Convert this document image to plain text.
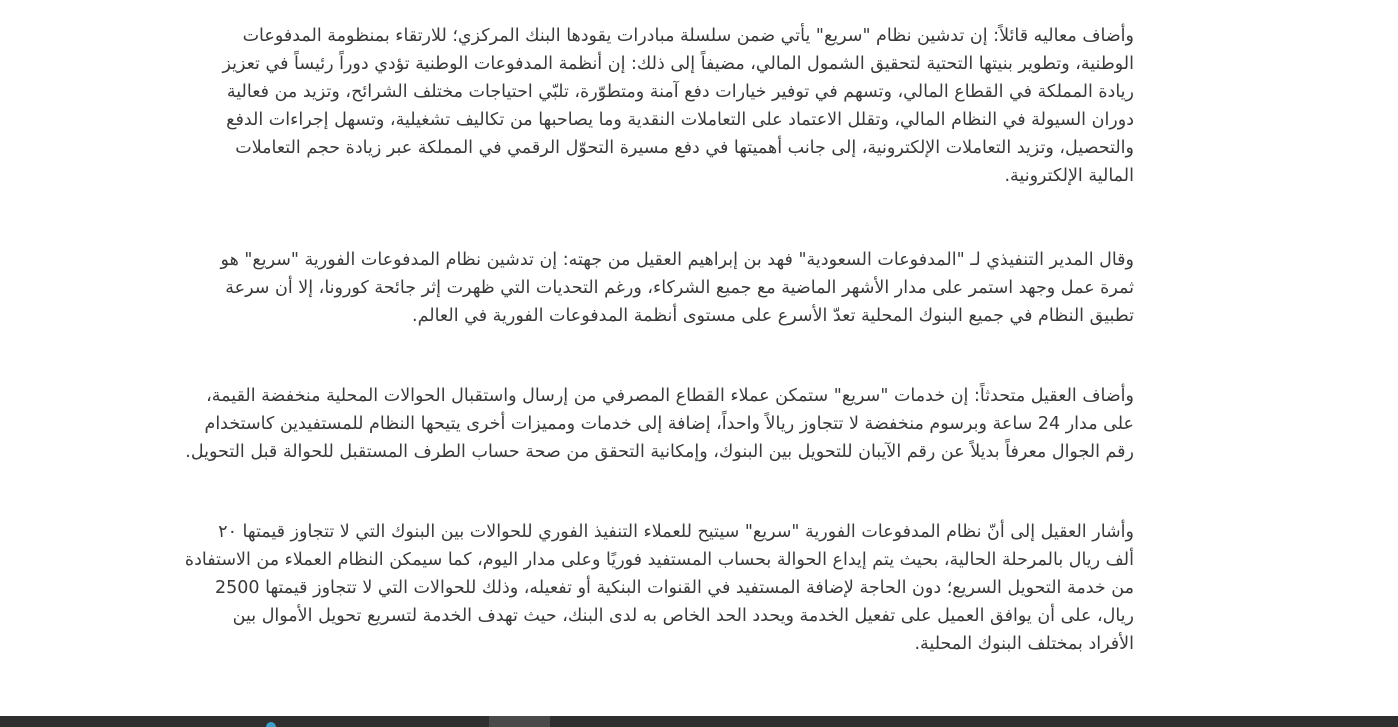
وأضاف معاليه قائلاً: إن تدشين نظام "سريع" يأتي ضمن سلسلة مبادرات يقودها البنك المركزي؛ للارتقاء بمنظومة المدفوعات
الوطنية، وتطوير بنيتها التحتية لتحقيق الشمول المالي، مضيفاً إلى ذلك: إن أنظمة المدفوعات الوطنية تؤدي دوراً رئيساً في تعزيز
ريادة المملكة في القطاع المالي، وتسهم في توفير خيارات دفع آمنة ومتطوّرة، تلبّي احتياجات مختلف الشرائح، وتزيد من فعالية
دوران السيولة في النظام المالي، وتقلل الاعتماد على التعاملات النقدية وما يصاحبها من تكاليف تشغيلية، وتسهل إجراءات الدفع
والتحصيل، وتزيد التعاملات الإلكترونية، إلى جانب أهميتها في دفع مسيرة التحوّل الرقمي في المملكة عبر زيادة حجم التعاملات
المالية الإلكترونية.

وقال المدير التنفيذي لـ "المدفوعات السعودية" فهد بن إبراهيم العقيل من جهته: إن تدشين نظام المدفوعات الفورية "سريع" هو
ثمرة عمل وجهد استمر على مدار الأشهر الماضية مع جميع الشركاء، ورغم التحديات التي ظهرت إثر جائحة كورونا، إلا أن سرعة
تطبيق النظام في جميع البنوك المحلية تعدّ الأسرع على مستوى أنظمة المدفوعات الفورية في العالم.

وأضاف العقيل متحدثاً: إن خدمات "سريع" ستمكن عملاء القطاع المصرفي من إرسال واستقبال الحوالات المحلية منخفضة القيمة،
على مدار 24 ساعة وبرسوم منخفضة لا تتجاوز ريالاً واحداً، إضافة إلى خدمات ومميزات أخرى يتيحها النظام للمستفيدين كاستخدام
رقم الجوال معرفاً بديلاً عن رقم الآيبان للتحويل بين البنوك، وإمكانية التحقق من صحة حساب الطرف المستقبل للحوالة قبل التحويل.

وأشار العقيل إلى أنّ نظام المدفوعات الفورية "سريع" سيتيح للعملاء التنفيذ الفوري للحوالات بين البنوك التي لا تتجاوز قيمتها ٢٠
ألف ريال بالمرحلة الحالية، بحيث يتم إيداع الحوالة بحساب المستفيد فوريًا وعلى مدار اليوم، كما سيمكن النظام العملاء من الاستفادة
من خدمة التحويل السريع؛ دون الحاجة لإضافة المستفيد في القنوات البنكية أو تفعيله، وذلك للحوالات التي لا تتجاوز قيمتها 2500
ريال، على أن يوافق العميل على تفعيل الخدمة ويحدد الحد الخاص به لدى البنك، حيث تهدف الخدمة لتسريع تحويل الأموال بين
الأفراد بمختلف البنوك المحلية.
